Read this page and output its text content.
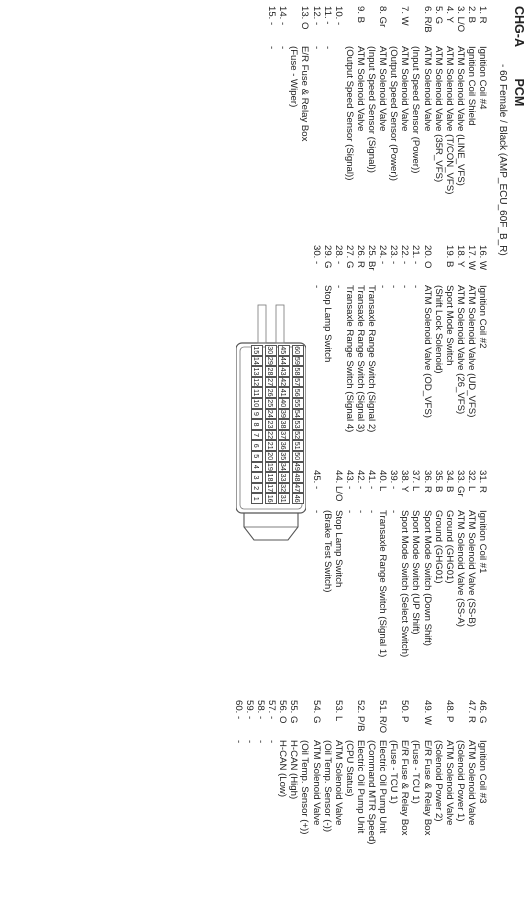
CHG-A PCM
- 60 Female / Black (AMP_ECU_60F_B_R)
60
59
58
57
56
55
54
53
52
51
50
49
48
47
46
45
44
43
42
41
40
39
38
37
36
35
34
33
32
31
30
29
28
27
26
25
24
23
22
21
20
19
18
17
16
15
14
13
12
11
10
9
8
7
6
5
4
3
2
1
1. RIgnition Coil #4
2. BIgnition Coil Shield
3. L/OATM Solenoid Valve (LINE_VFS)
4. YATM Solenoid Valve (T/CON_VFS)
5. GATM Solenoid Valve (35R_VFS)
6. R/BATM Solenoid Valve
(Input Speed Sensor (Power))
7. WATM Solenoid Valve
(Output Speed Sensor (Power))
8. GrATM Solenoid Valve
(Input Speed Sensor (Signal))
9. BATM Solenoid Valve
(Output Speed Sensor (Signal))
10. -
11. --
12. --
13. OE/R Fuse & Relay Box
(Fuse - Wiper)
14. --
15. --
16. WIgnition Coil #2
17. WATM Solenoid Valve (UD_VFS)
18. YATM Solenoid Valve (26_VFS)
19. BSport Mode Switch
(Shift Lock Solenoid)
20. OATM Solenoid Valve (OD_VFS)
21. --
22. --
23. --
24. --
25. BrTransaxle Range Switch (Signal 2)
26. RTransaxle Range Switch (Signal 3)
27. GTransaxle Range Switch (Signal 4)
28. --
29. GStop Lamp Switch
30. --
31. RIgnition Coil #1
32. LATM Solenoid Valve (SS-B)
33. GrATM Solenoid Valve (SS-A)
34. BGround (GHG01)
35. BGround (GHG01)
36. RSport Mode Switch (Down Shift)
37. LSport Mode Switch (UP Shift)
38. YSport Mode Switch (Select Switch)
39. --
40. LTransaxle Range Switch (Signal 1)
41. --
42. --
43. --
44. L/OStop Lamp Switch
(Brake Test Switch)
45. --
46. GIgnition Coil #3
47. RATM Solenoid Valve
(Solenoid Power 1)
48. PATM Solenoid Valve
(Solenoid Power 2)
49. WE/R Fuse & Relay Box
(Fuse - TCU 1)
50. PE/R Fuse & Relay Box
(Fuse - TCU 1)
51. R/OElectric Oil Pump Unit
(Command MTR Speed)
52. P/BElectric Oil Pump Unit
(CPU Status)
53. LATM Solenoid Valve
(Oil Temp. Sensor (-))
54. GATM Solenoid Valve
(Oil Temp. Sensor (+))
55. GH-CAN (High)
56. OH-CAN (Low)
57. --
58. --
59. --
60. --
